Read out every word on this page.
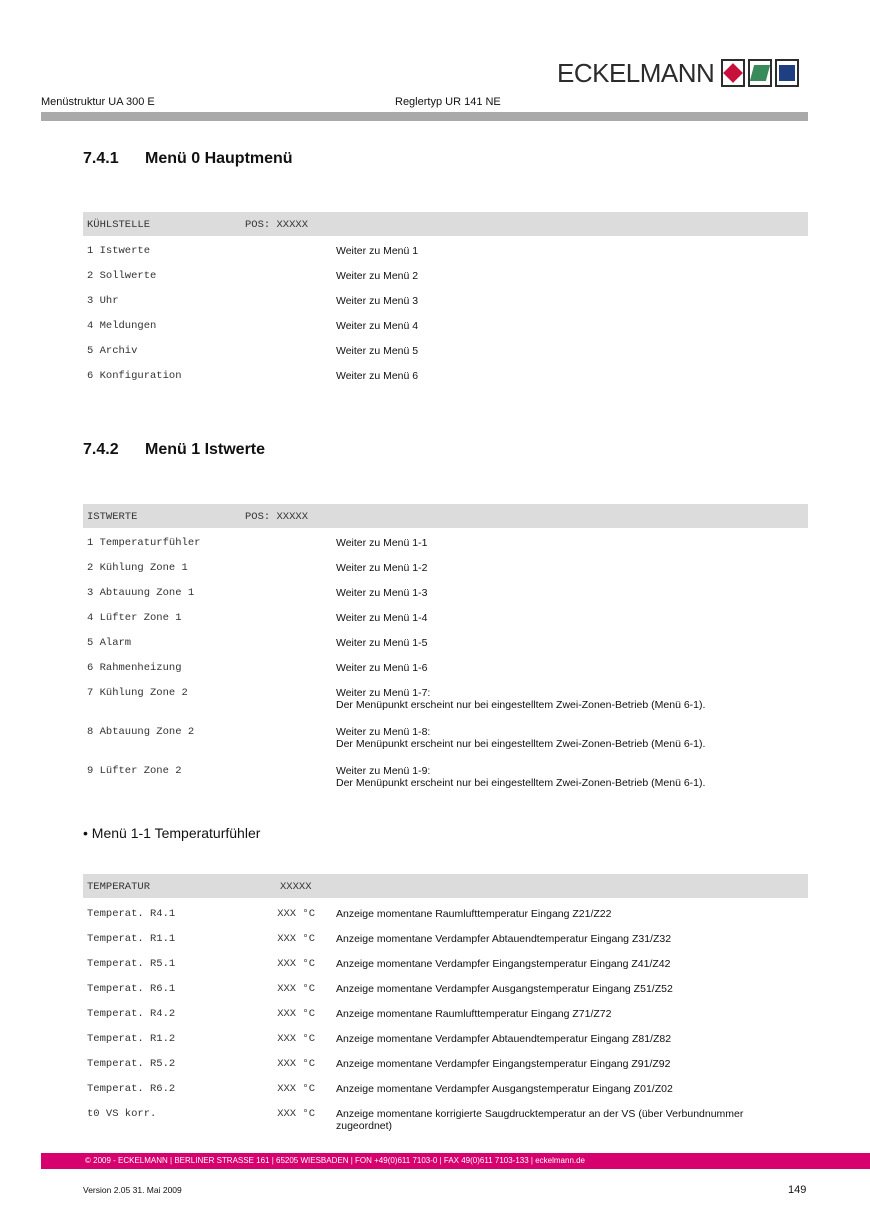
ECKELMANN
Menüstruktur UA 300 E	Reglertyp UR 141 NE
7.4.1 Menü 0 Hauptmenü
KÜHLSTELLE	POS: XXXXX
1 Istwerte	Weiter zu Menü 1
2 Sollwerte	Weiter zu Menü 2
3 Uhr	Weiter zu Menü 3
4 Meldungen	Weiter zu Menü 4
5 Archiv	Weiter zu Menü 5
6 Konfiguration	Weiter zu Menü 6
7.4.2 Menü 1 Istwerte
ISTWERTE	POS: XXXXX
1 Temperaturfühler	Weiter zu Menü 1-1
2 Kühlung Zone 1	Weiter zu Menü 1-2
3 Abtauung Zone 1	Weiter zu Menü 1-3
4 Lüfter Zone 1	Weiter zu Menü 1-4
5 Alarm	Weiter zu Menü 1-5
6 Rahmenheizung	Weiter zu Menü 1-6
7 Kühlung Zone 2	Weiter zu Menü 1-7:
Der Menüpunkt erscheint nur bei eingestelltem Zwei-Zonen-Betrieb (Menü 6-1).
8 Abtauung Zone 2	Weiter zu Menü 1-8:
Der Menüpunkt erscheint nur bei eingestelltem Zwei-Zonen-Betrieb (Menü 6-1).
9 Lüfter Zone 2	Weiter zu Menü 1-9:
Der Menüpunkt erscheint nur bei eingestelltem Zwei-Zonen-Betrieb (Menü 6-1).
• Menü 1-1 Temperaturfühler
TEMPERATUR	XXXXX
Temperat. R4.1	XXX °C Anzeige momentane Raumlufttemperatur Eingang Z21/Z22
Temperat. R1.1	XXX °C Anzeige momentane Verdampfer Abtauendtemperatur Eingang Z31/Z32
Temperat. R5.1	XXX °C Anzeige momentane Verdampfer Eingangstemperatur Eingang Z41/Z42
Temperat. R6.1	XXX °C Anzeige momentane Verdampfer Ausgangstemperatur Eingang Z51/Z52
Temperat. R4.2	XXX °C Anzeige momentane Raumlufttemperatur Eingang Z71/Z72
Temperat. R1.2	XXX °C Anzeige momentane Verdampfer Abtauendtemperatur Eingang Z81/Z82
Temperat. R5.2	XXX °C Anzeige momentane Verdampfer Eingangstemperatur Eingang Z91/Z92
Temperat. R6.2	XXX °C Anzeige momentane Verdampfer Ausgangstemperatur Eingang Z01/Z02
t0 VS korr.	XXX °C Anzeige momentane korrigierte Saugdrucktemperatur an der VS (über Verbundnummer
zugeordnet)
© 2009 - ECKELMANN | BERLINER STRASSE 161 | 65205 WIESBADEN | FON +49(0)611 7103-0 | FAX 49(0)611 7103-133 | eckelmann.de
Version 2.05 31. Mai 2009	149
